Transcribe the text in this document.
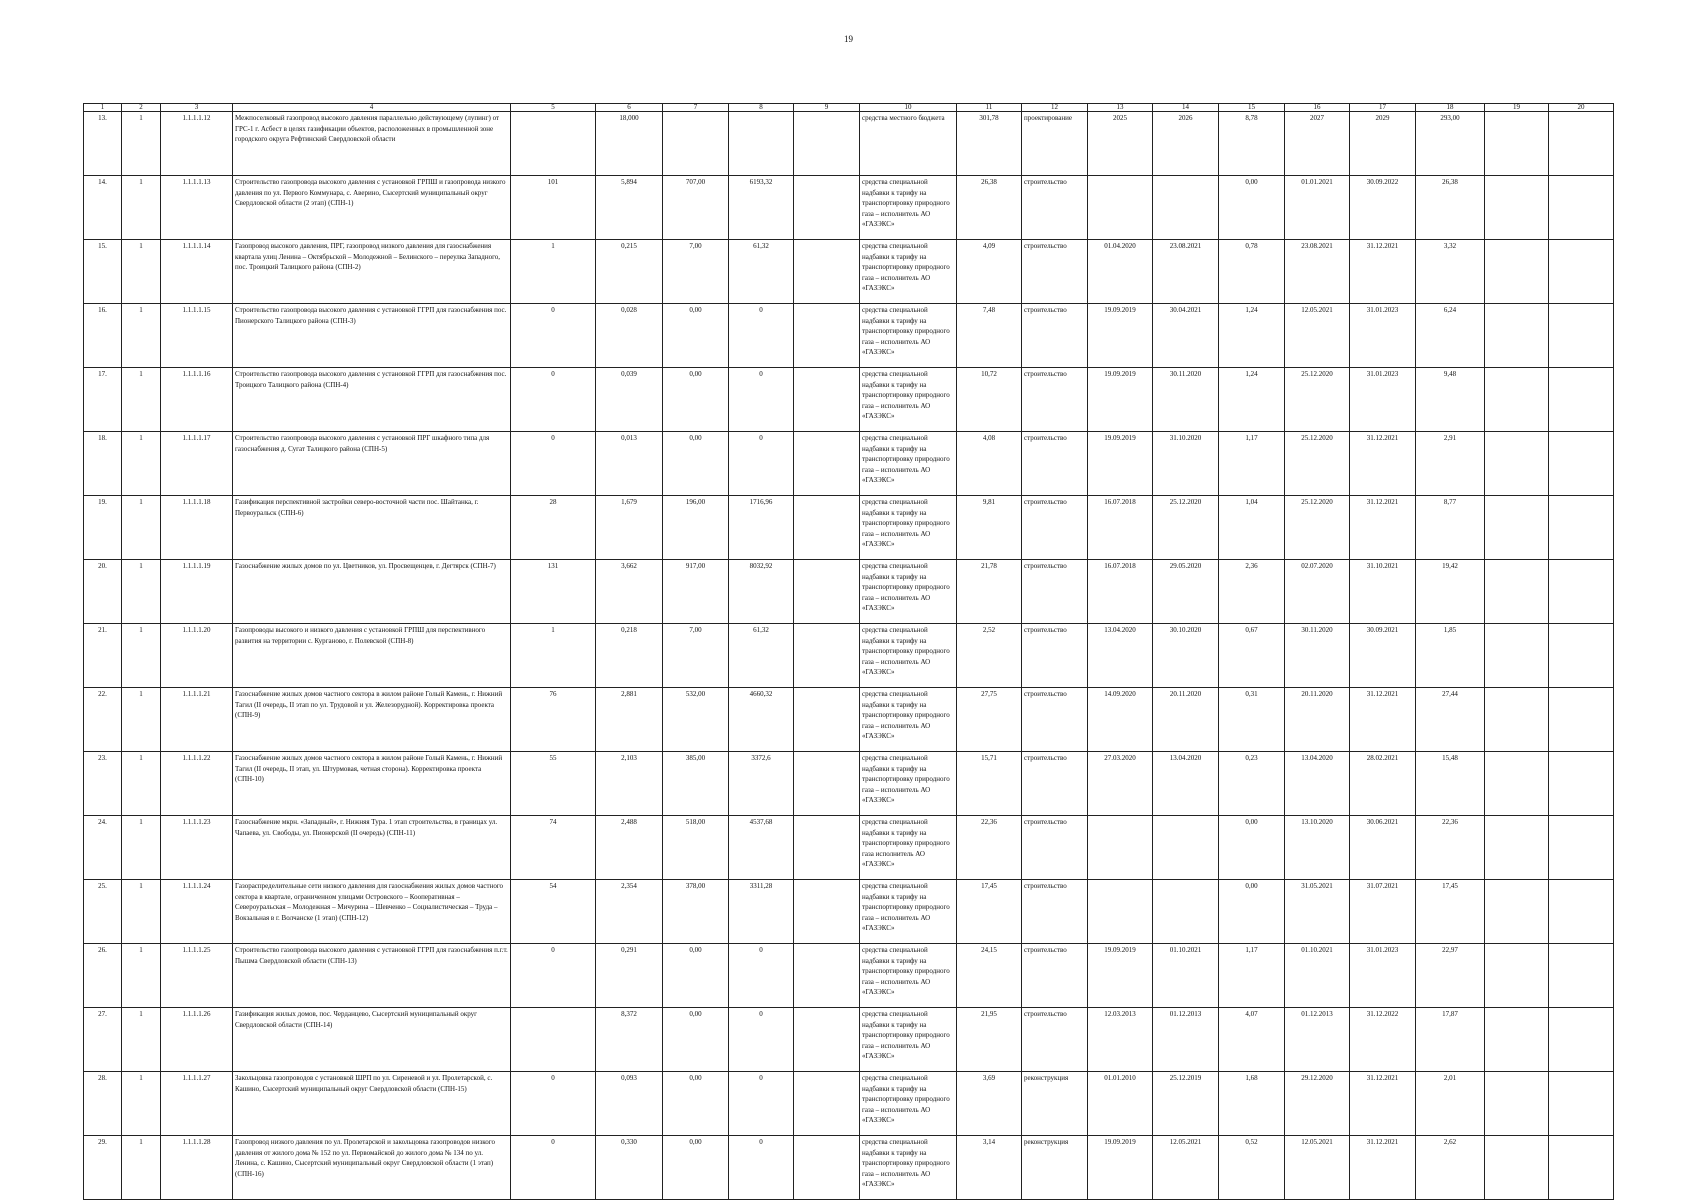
19
1	2	3	4	5	6	7	8	9	10	11	12	13	14	15	16	17	18	19	20
13.	1	1.1.1.1.12	Межпоселковый газопровод высокого давления параллельно действующему (лупинг) от ГРС-1 г. Асбест в целях газификации объектов, расположенных в промышленной зоне городского округа Рефтинский Свердловской области		18,000				средства местного бюджета	301,78	проектирование	2025	2026	8,78	2027	2029	293,00		
14.	1	1.1.1.1.13	Строительство газопровода высокого давления с установкой ГРПШ и газопровода низкого давления по ул. Первого Коммунара, с. Аверино, Сысертский муниципальный округ Свердловской области (2 этап) (СПН-1)	101	5,894	707,00	6193,32		средства специальной надбавки к тарифу на транспортировку природного газа – исполнитель АО «ГАЗЭКС»	26,38	строительство			0,00	01.01.2021	30.09.2022	26,38		
15.	1	1.1.1.1.14	Газопровод высокого давления, ПРГ, газопровод низкого давления для газоснабжения квартала улиц Ленина – Октябрьской – Молодежной – Белинского – переулка Западного, пос. Троицкий Талицкого района (СПН-2)	1	0,215	7,00	61,32		средства специальной надбавки к тарифу на транспортировку природного газа – исполнитель АО «ГАЗЭКС»	4,09	строительство	01.04.2020	23.08.2021	0,78	23.08.2021	31.12.2021	3,32		
16.	1	1.1.1.1.15	Строительство газопровода высокого давления с установкой ГГРП для газоснабжения пос. Пионерского Талицкого района (СПН-3)	0	0,028	0,00	0		средства специальной надбавки к тарифу на транспортировку природного газа – исполнитель АО «ГАЗЭКС»	7,48	строительство	19.09.2019	30.04.2021	1,24	12.05.2021	31.01.2023	6,24		
17.	1	1.1.1.1.16	Строительство газопровода высокого давления с установкой ГГРП для газоснабжения пос. Троицкого Талицкого района (СПН-4)	0	0,039	0,00	0		средства специальной надбавки к тарифу на транспортировку природного газа – исполнитель АО «ГАЗЭКС»	10,72	строительство	19.09.2019	30.11.2020	1,24	25.12.2020	31.01.2023	9,48		
18.	1	1.1.1.1.17	Строительство газопровода высокого давления с установкой ПРГ шкафного типа для газоснабжения д. Сугат Талицкого района (СПН-5)	0	0,013	0,00	0		средства специальной надбавки к тарифу на транспортировку природного газа – исполнитель АО «ГАЗЭКС»	4,08	строительство	19.09.2019	31.10.2020	1,17	25.12.2020	31.12.2021	2,91		
19.	1	1.1.1.1.18	Газификация перспективной застройки северо-восточной части пос. Шайтанка, г. Первоуральск (СПН-6)	28	1,679	196,00	1716,96		средства специальной надбавки к тарифу на транспортировку природного газа – исполнитель АО «ГАЗЭКС»	9,81	строительство	16.07.2018	25.12.2020	1,04	25.12.2020	31.12.2021	8,77		
20.	1	1.1.1.1.19	Газоснабжение жилых домов по ул. Цветников, ул. Просвещенцев, г. Дегтярск (СПН-7)	131	3,662	917,00	8032,92		средства специальной надбавки к тарифу на транспортировку природного газа – исполнитель АО «ГАЗЭКС»	21,78	строительство	16.07.2018	29.05.2020	2,36	02.07.2020	31.10.2021	19,42		
21.	1	1.1.1.1.20	Газопроводы высокого и низкого давления с установкой ГРПШ для перспективного развития на территории с. Курганово, г. Полевской (СПН-8)	1	0,218	7,00	61,32		средства специальной надбавки к тарифу на транспортировку природного газа – исполнитель АО «ГАЗЭКС»	2,52	строительство	13.04.2020	30.10.2020	0,67	30.11.2020	30.09.2021	1,85		
22.	1	1.1.1.1.21	Газоснабжение жилых домов частного сектора в жилом районе Голый Камень, г. Нижний Тагил (II очередь, II этап по ул. Трудовой и ул. Железорудной). Корректировка проекта (СПН-9)	76	2,881	532,00	4660,32		средства специальной надбавки к тарифу на транспортировку природного газа – исполнитель АО «ГАЗЭКС»	27,75	строительство	14.09.2020	20.11.2020	0,31	20.11.2020	31.12.2021	27,44		
23.	1	1.1.1.1.22	Газоснабжение жилых домов частного сектора в жилом районе Голый Камень, г. Нижний Тагил (II очередь, II этап, ул. Штурмовая, четная сторона). Корректировка проекта (СПН-10)	55	2,103	385,00	3372,6		средства специальной надбавки к тарифу на транспортировку природного газа – исполнитель АО «ГАЗЭКС»	15,71	строительство	27.03.2020	13.04.2020	0,23	13.04.2020	28.02.2021	15,48		
24.	1	1.1.1.1.23	Газоснабжение мкрн. «Западный», г. Нижняя Тура. 1 этап строительства, в границах ул. Чапаева, ул. Свободы, ул. Пионерской (II очередь) (СПН-11)	74	2,488	518,00	4537,68		средства специальной надбавки к тарифу на транспортировку природного газа исполнитель АО «ГАЗЭКС»	22,36	строительство			0,00	13.10.2020	30.06.2021	22,36		
25.	1	1.1.1.1.24	Газораспределительные сети низкого давления для газоснабжения жилых домов частного сектора в квартале, ограниченном улицами Островского – Кооперативная – Североуральская – Молодежная – Мичурина – Шевченко – Социалистическая – Труда – Вокзальная в г. Волчанске (1 этап) (СПН-12)	54	2,354	378,00	3311,28		средства специальной надбавки к тарифу на транспортировку природного газа – исполнитель АО «ГАЗЭКС»	17,45	строительство			0,00	31.05.2021	31.07.2021	17,45		
26.	1	1.1.1.1.25	Строительство газопровода высокого давления с установкой ГГРП для газоснабжения п.г.т. Пышма Свердловской области (СПН-13)	0	0,291	0,00	0		средства специальной надбавки к тарифу на транспортировку природного газа – исполнитель АО «ГАЗЭКС»	24,15	строительство	19.09.2019	01.10.2021	1,17	01.10.2021	31.01.2023	22,97		
27.	1	1.1.1.1.26	Газификация жилых домов, пос. Черданцево, Сысертский муниципальный округ Свердловской области (СПН-14)		8,372	0,00	0		средства специальной надбавки к тарифу на транспортировку природного газа – исполнитель АО «ГАЗЭКС»	21,95	строительство	12.03.2013	01.12.2013	4,07	01.12.2013	31.12.2022	17,87		
28.	1	1.1.1.1.27	Закольцовка газопроводов с установкой ШРП по ул. Сиреневой и ул. Пролетарской, с. Кашино, Сысертский муниципальный округ Свердловской области (СПН-15)	0	0,093	0,00	0		средства специальной надбавки к тарифу на транспортировку природного газа – исполнитель АО «ГАЗЭКС»	3,69	реконструкция	01.01.2010	25.12.2019	1,68	29.12.2020	31.12.2021	2,01		
29.	1	1.1.1.1.28	Газопровод низкого давления по ул. Пролетарской и закольцовка газопроводов низкого давления от жилого дома № 152 по ул. Первомайской до жилого дома № 134 по ул. Ленина, с. Кашино, Сысертский муниципальный округ Свердловской области (1 этап) (СПН-16)	0	0,330	0,00	0		средства специальной надбавки к тарифу на транспортировку природного газа – исполнитель АО «ГАЗЭКС»	3,14	реконструкция	19.09.2019	12.05.2021	0,52	12.05.2021	31.12.2021	2,62		
